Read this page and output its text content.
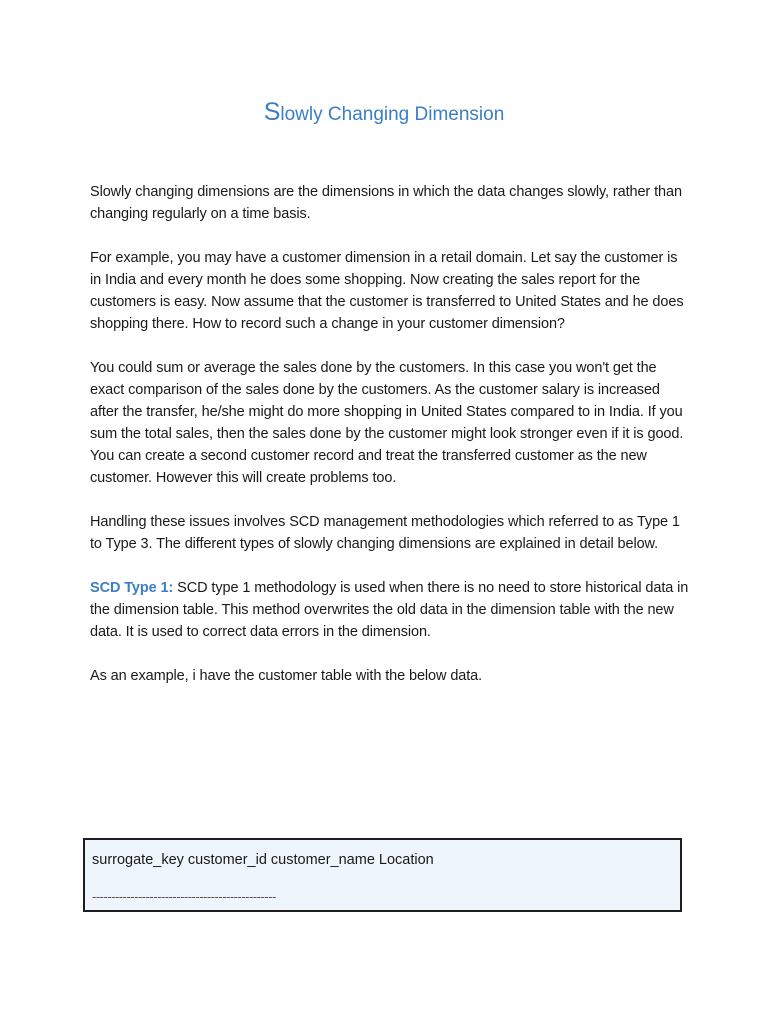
Slowly Changing Dimension

Slowly changing dimensions are the dimensions in which the data changes slowly, rather than changing regularly on a time basis.

For example, you may have a customer dimension in a retail domain. Let say the customer is in India and every month he does some shopping. Now creating the sales report for the customers is easy. Now assume that the customer is transferred to United States and he does shopping there. How to record such a change in your customer dimension?

You could sum or average the sales done by the customers. In this case you won't get the exact comparison of the sales done by the customers. As the customer salary is increased after the transfer, he/she might do more shopping in United States compared to in India. If you sum the total sales, then the sales done by the customer might look stronger even if it is good. You can create a second customer record and treat the transferred customer as the new customer. However this will create problems too.

Handling these issues involves SCD management methodologies which referred to as Type 1 to Type 3. The different types of slowly changing dimensions are explained in detail below.

SCD Type 1: SCD type 1 methodology is used when there is no need to store historical data in the dimension table. This method overwrites the old data in the dimension table with the new data. It is used to correct data errors in the dimension.

As an example, i have the customer table with the below data.

surrogate_key customer_id customer_name Location
------------------------------------------------
